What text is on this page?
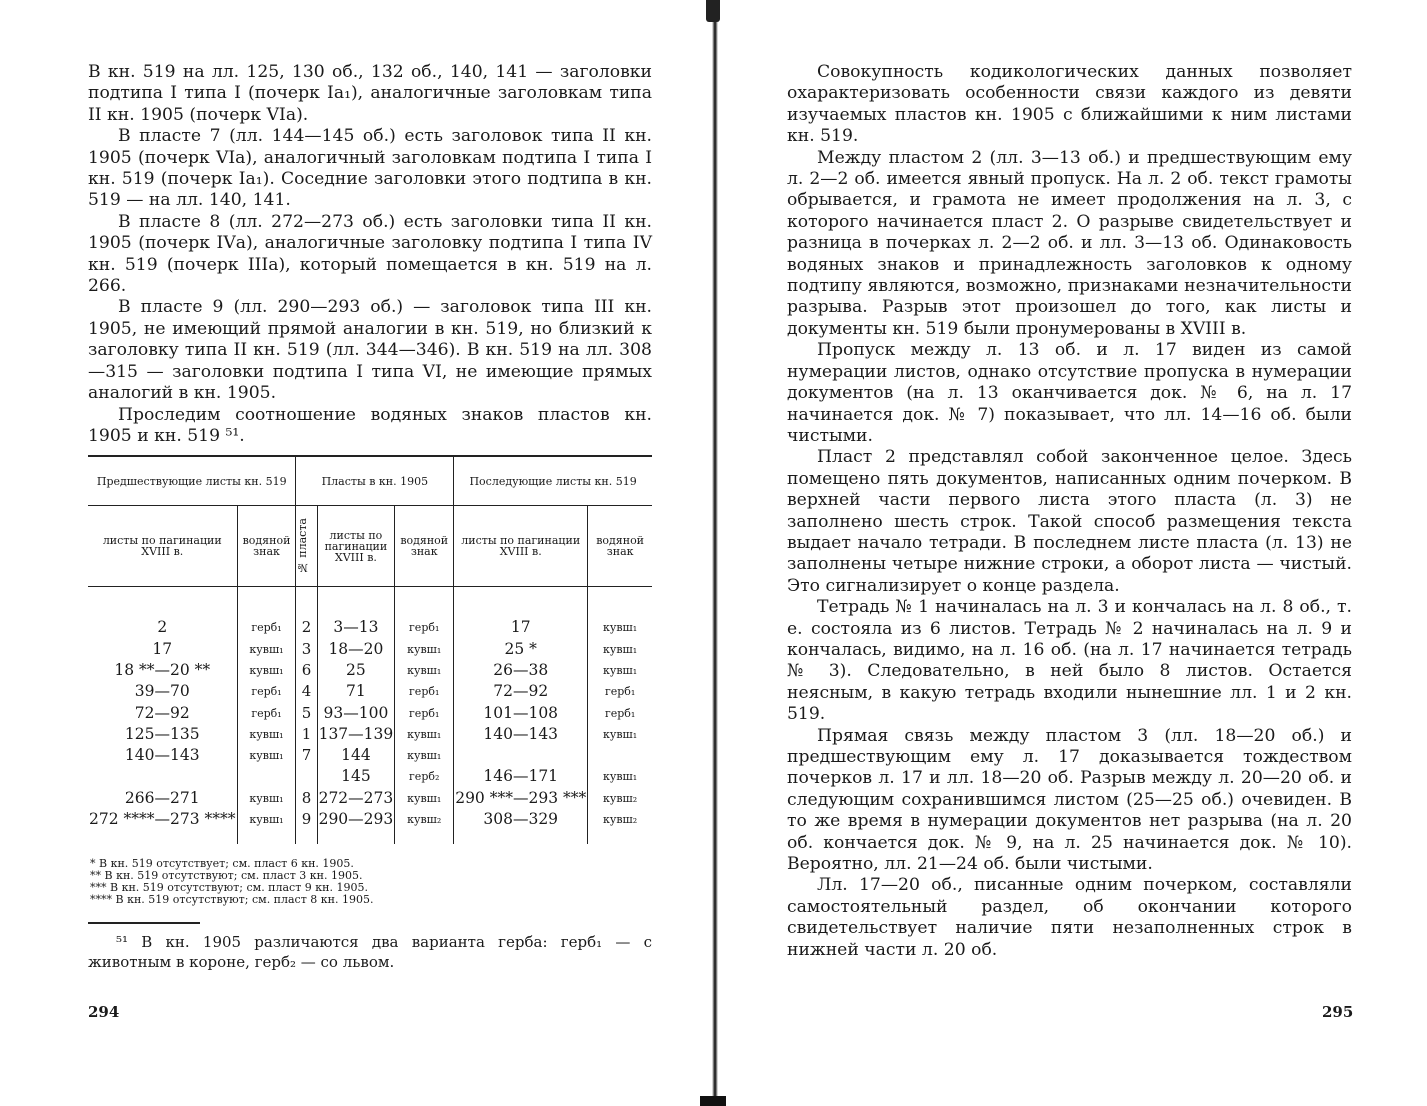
В кн. 519 на лл. 125, 130 об., 132 об., 140, 141 — заголовки подтипа I типа I (почерк Iа₁), аналогичные заголовкам типа II кн. 1905 (почерк VIа).

В пласте 7 (лл. 144—145 об.) есть заголовок типа II кн. 1905 (почерк VIа), аналогичный заголовкам подтипа I типа I кн. 519 (почерк Iа₁). Соседние заголовки этого подтипа в кн. 519 — на лл. 140, 141.

В пласте 8 (лл. 272—273 об.) есть заголовки типа II кн. 1905 (почерк IVа), аналогичные заголовку подтипа I типа IV кн. 519 (почерк IIIа), который помещается в кн. 519 на л. 266.

В пласте 9 (лл. 290—293 об.) — заголовок типа III кн. 1905, не имеющий прямой аналогии в кн. 519, но близкий к заголовку типа II кн. 519 (лл. 344—346). В кн. 519 на лл. 308—315 — заголовки подтипа I типа VI, не имеющие прямых аналогий в кн. 1905.

Проследим соотношение водяных знаков пластов кн. 1905 и кн. 519 ⁵¹.

Предшествующие листы кн. 519		Пласты в кн. 1905			Последующие листы кн. 519	
листы по пагинации XVIII в.	водяной знак	№ пласта	листы по пагинации XVIII в.	водяной знак	листы по пагинации XVIII в.	водяной знак

2	герб₁	2	3—13	герб₁	17	кувш₁
17	кувш₁	3	18—20	кувш₁	25 *	кувш₁
18 **—20 **	кувш₁	6	25	кувш₁	26—38	кувш₁
39—70	герб₁	4	71	герб₁	72—92	герб₁
72—92	герб₁	5	93—100	герб₁	101—108	герб₁
125—135	кувш₁	1	137—139	кувш₁	140—143	кувш₁
140—143	кувш₁	7	144	кувш₁		
			145	герб₂	146—171	кувш₁
266—271	кувш₁	8	272—273	кувш₁	290 ***—293 ***	кувш₂
272 ****—273 ****	кувш₁	9	290—293	кувш₂	308—329	кувш₂

* В кн. 519 отсутствует; см. пласт 6 кн. 1905.
** В кн. 519 отсутствуют; см. пласт 3 кн. 1905.
*** В кн. 519 отсутствуют; см. пласт 9 кн. 1905.
**** В кн. 519 отсутствуют; см. пласт 8 кн. 1905.
⁵¹ В кн. 1905 различаются два варианта герба: герб₁ — с животным в короне, герб₂ — со львом.
294

Совокупность кодикологических данных позволяет охарактеризовать особенности связи каждого из девяти изучаемых пластов кн. 1905 с ближайшими к ним листами кн. 519.

Между пластом 2 (лл. 3—13 об.) и предшествующим ему л. 2—2 об. имеется явный пропуск. На л. 2 об. текст грамоты обрывается, и грамота не имеет продолжения на л. 3, с которого начинается пласт 2. О разрыве свидетельствует и разница в почерках л. 2—2 об. и лл. 3—13 об. Одинаковость водяных знаков и принадлежность заголовков к одному подтипу являются, возможно, признаками незначительности разрыва. Разрыв этот произошел до того, как листы и документы кн. 519 были пронумерованы в XVIII в.

Пропуск между л. 13 об. и л. 17 виден из самой нумерации листов, однако отсутствие пропуска в нумерации документов (на л. 13 оканчивается док. № 6, на л. 17 начинается док. № 7) показывает, что лл. 14—16 об. были чистыми.

Пласт 2 представлял собой законченное целое. Здесь помещено пять документов, написанных одним почерком. В верхней части первого листа этого пласта (л. 3) не заполнено шесть строк. Такой способ размещения текста выдает начало тетради. В последнем листе пласта (л. 13) не заполнены четыре нижние строки, а оборот листа — чистый. Это сигнализирует о конце раздела.

Тетрадь № 1 начиналась на л. 3 и кончалась на л. 8 об., т. е. состояла из 6 листов. Тетрадь № 2 начиналась на л. 9 и кончалась, видимо, на л. 16 об. (на л. 17 начинается тетрадь № 3). Следовательно, в ней было 8 листов. Остается неясным, в какую тетрадь входили нынешние лл. 1 и 2 кн. 519.

Прямая связь между пластом 3 (лл. 18—20 об.) и предшествующим ему л. 17 доказывается тождеством почерков л. 17 и лл. 18—20 об. Разрыв между л. 20—20 об. и следующим сохранившимся листом (25—25 об.) очевиден. В то же время в нумерации документов нет разрыва (на л. 20 об. кончается док. № 9, на л. 25 начинается док. № 10). Вероятно, лл. 21—24 об. были чистыми.

Лл. 17—20 об., писанные одним почерком, составляли самостоятельный раздел, об окончании которого свидетельствует наличие пяти незаполненных строк в нижней части л. 20 об.

295
